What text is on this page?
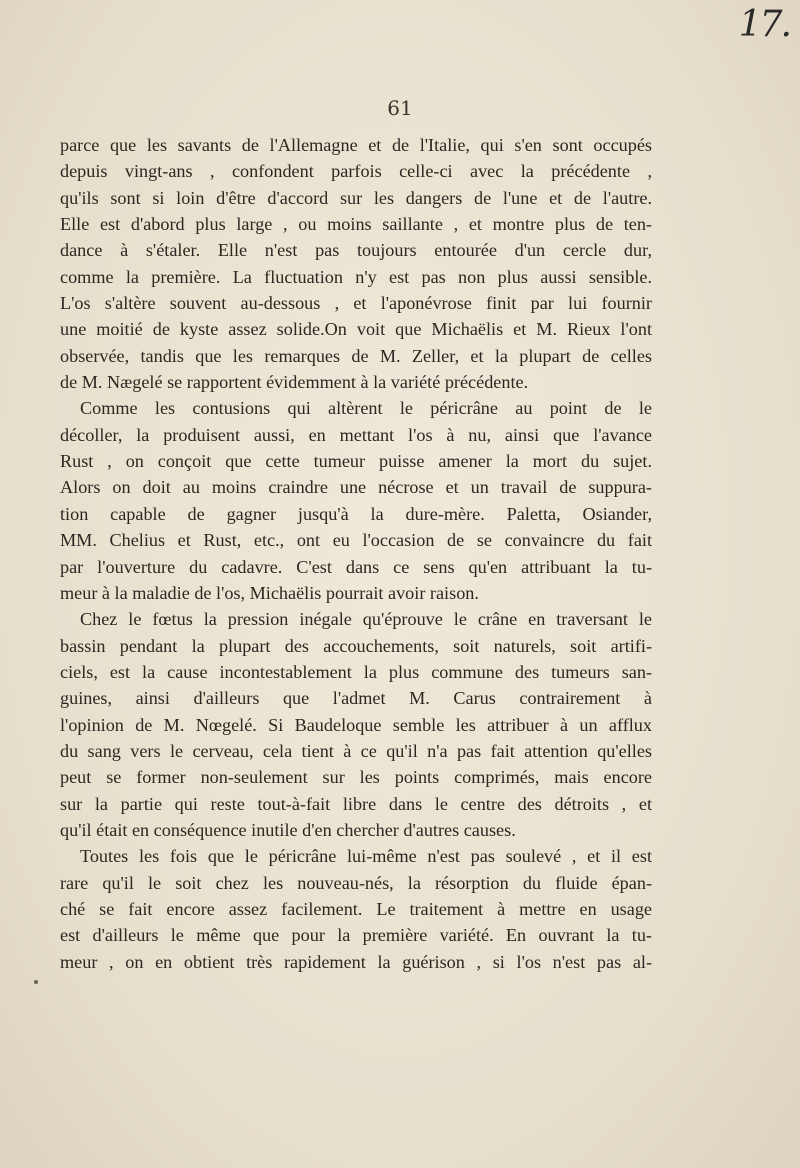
17.
61
parce que les savants de l'Allemagne et de l'Italie, qui s'en sont occupés
depuis vingt-ans , confondent parfois celle-ci avec la précédente ,
qu'ils sont si loin d'être d'accord sur les dangers de l'une et de l'autre.
Elle est d'abord plus large , ou moins saillante , et montre plus de ten-
dance à s'étaler. Elle n'est pas toujours entourée d'un cercle dur,
comme la première. La fluctuation n'y est pas non plus aussi sensible.
L'os s'altère souvent au-dessous , et l'aponévrose finit par lui fournir
une moitié de kyste assez solide.On voit que Michaëlis et M. Rieux l'ont
observée, tandis que les remarques de M. Zeller, et la plupart de celles
de M. Nægelé se rapportent évidemment à la variété précédente.
Comme les contusions qui altèrent le péricrâne au point de le
décoller, la produisent aussi, en mettant l'os à nu, ainsi que l'avance
Rust , on conçoit que cette tumeur puisse amener la mort du sujet.
Alors on doit au moins craindre une nécrose et un travail de suppura-
tion capable de gagner jusqu'à la dure-mère. Paletta, Osiander,
MM. Chelius et Rust, etc., ont eu l'occasion de se convaincre du fait
par l'ouverture du cadavre. C'est dans ce sens qu'en attribuant la tu-
meur à la maladie de l'os, Michaëlis pourrait avoir raison.
Chez le fœtus la pression inégale qu'éprouve le crâne en traversant le
bassin pendant la plupart des accouchements, soit naturels, soit artifi-
ciels, est la cause incontestablement la plus commune des tumeurs san-
guines, ainsi d'ailleurs que l'admet M. Carus contrairement à
l'opinion de M. Nœgelé. Si Baudeloque semble les attribuer à un afflux
du sang vers le cerveau, cela tient à ce qu'il n'a pas fait attention qu'elles
peut se former non-seulement sur les points comprimés, mais encore
sur la partie qui reste tout-à-fait libre dans le centre des détroits , et
qu'il était en conséquence inutile d'en chercher d'autres causes.
Toutes les fois que le péricrâne lui-même n'est pas soulevé , et il est
rare qu'il le soit chez les nouveau-nés, la résorption du fluide épan-
ché se fait encore assez facilement. Le traitement à mettre en usage
est d'ailleurs le même que pour la première variété. En ouvrant la tu-
meur , on en obtient très rapidement la guérison , si l'os n'est pas al-
